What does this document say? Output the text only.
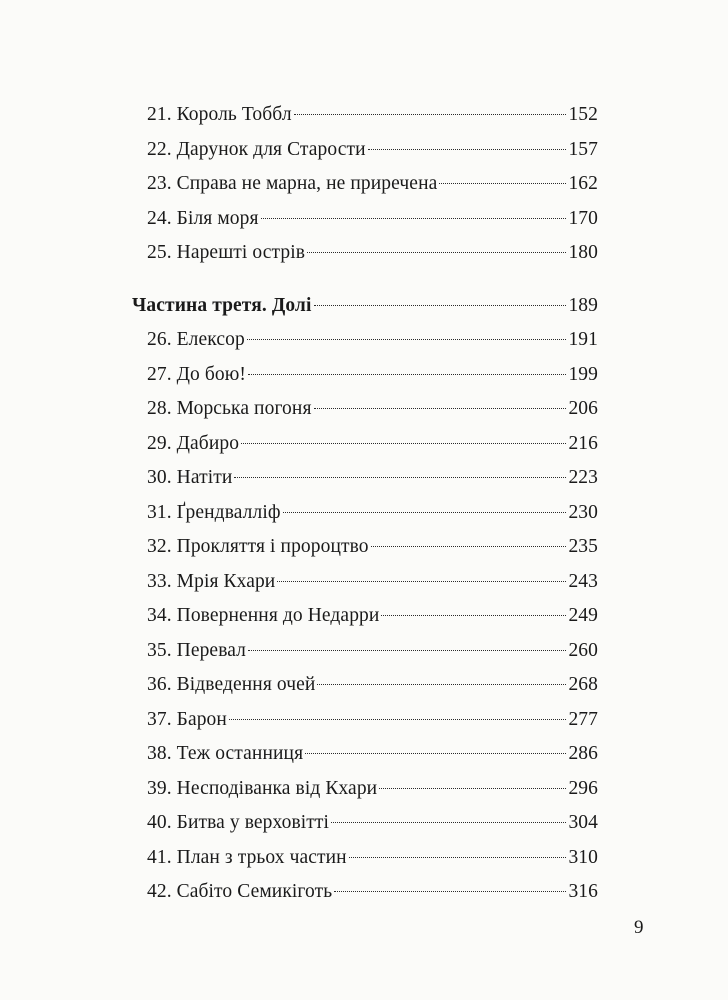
21. Король Тоббл	152
22. Дарунок для Старости	157
23. Справа не марна, не приречена	162
24. Біля моря	170
25. Нарешті острів	180
Частина третя. Долі	189
26. Елексор	191
27. До бою!	199
28. Морська погоня	206
29. Дабиро	216
30. Натіти	223
31. Ґрендвалліф	230
32. Прокляття і пророцтво	235
33. Мрія Кхари	243
34. Повернення до Недарри	249
35. Перевал	260
36. Відведення очей	268
37. Барон	277
38. Теж останниця	286
39. Несподіванка від Кхари	296
40. Битва у верховітті	304
41. План з трьох частин	310
42. Сабіто Семикіготь	316
9
